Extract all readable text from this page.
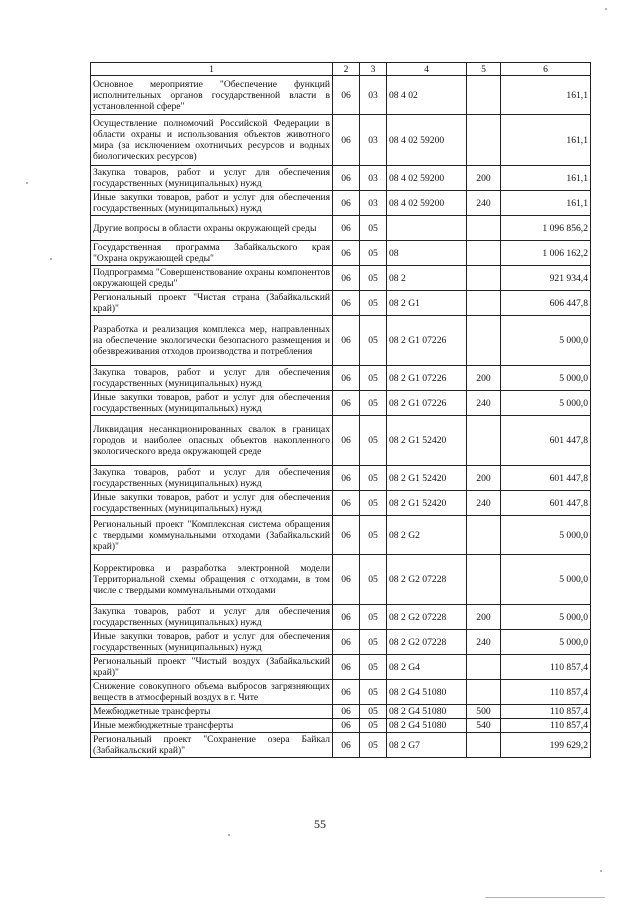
1	2	3	4	5	6
Основное мероприятие "Обеспечение функций исполнительных органов государственной власти в установленной сфере"	06	03	08 4 02		161,1
Осуществление полномочий Российской Федерации в области охраны и использования объектов животного мира (за исключением охотничьих ресурсов и водных биологических ресурсов)	06	03	08 4 02 59200		161,1
Закупка товаров, работ и услуг для обеспечения государственных (муниципальных) нужд	06	03	08 4 02 59200	200	161,1
Иные закупки товаров, работ и услуг для обеспечения государственных (муниципальных) нужд	06	03	08 4 02 59200	240	161,1
Другие вопросы в области охраны окружающей среды	06	05			1 096 856,2
Государственная программа Забайкальского края "Охрана окружающей среды"	06	05	08		1 006 162,2
Подпрограмма "Совершенствование охраны компонентов окружающей среды"	06	05	08 2		921 934,4
Региональный проект "Чистая страна (Забайкальский край)"	06	05	08 2 G1		606 447,8
Разработка и реализация комплекса мер, направленных на обеспечение экологически безопасного размещения и обезвреживания отходов производства и потребления	06	05	08 2 G1 07226		5 000,0
Закупка товаров, работ и услуг для обеспечения государственных (муниципальных) нужд	06	05	08 2 G1 07226	200	5 000,0
Иные закупки товаров, работ и услуг для обеспечения государственных (муниципальных) нужд	06	05	08 2 G1 07226	240	5 000,0
Ликвидация несанкционированных свалок в границах городов и наиболее опасных объектов накопленного экологического вреда окружающей среде	06	05	08 2 G1 52420		601 447,8
Закупка товаров, работ и услуг для обеспечения государственных (муниципальных) нужд	06	05	08 2 G1 52420	200	601 447,8
Иные закупки товаров, работ и услуг для обеспечения государственных (муниципальных) нужд	06	05	08 2 G1 52420	240	601 447,8
Региональный проект "Комплексная система обращения с твердыми коммунальными отходами (Забайкальский край)"	06	05	08 2 G2		5 000,0
Корректировка и разработка электронной модели Территориальной схемы обращения с отходами, в том числе с твердыми коммунальными отходами	06	05	08 2 G2 07228		5 000,0
Закупка товаров, работ и услуг для обеспечения государственных (муниципальных) нужд	06	05	08 2 G2 07228	200	5 000,0
Иные закупки товаров, работ и услуг для обеспечения государственных (муниципальных) нужд	06	05	08 2 G2 07228	240	5 000,0
Региональный проект "Чистый воздух (Забайкальский край)"	06	05	08 2 G4		110 857,4
Снижение совокупного объема выбросов загрязняющих веществ в атмосферный воздух в г. Чите	06	05	08 2 G4 51080		110 857,4
Межбюджетные трансферты	06	05	08 2 G4 51080	500	110 857,4
Иные межбюджетные трансферты	06	05	08 2 G4 51080	540	110 857,4
Региональный проект "Сохранение озера Байкал (Забайкальский край)"	06	05	08 2 G7		199 629,2
55
